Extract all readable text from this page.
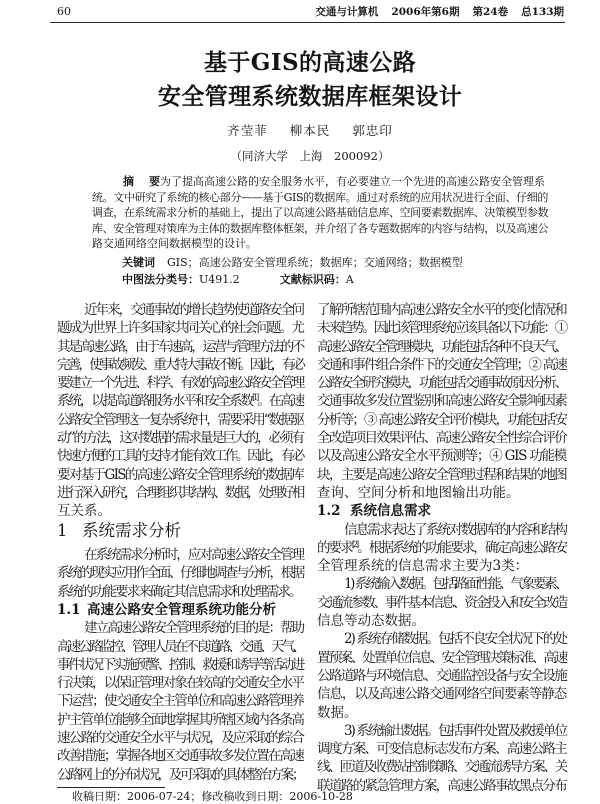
60	交通与计算机 2006年第6期 第24卷 总133期
基于GIS的高速公路
安全管理系统数据库框架设计
齐莹菲 柳本民 郭忠印
（同济大学　上海　200092）
摘　要
为了提高高速公路的安全服务水平，有必要建立一个先进的高速公路安全管理系
统。文中研究了系统的核心部分——基于GIS的数据库。通过对系统的应用状况进行全面、仔细的
调查，在系统需求分析的基础上，提出了以高速公路基础信息库、空间要素数据库、决策模型参数
库、安全管理对策库为主体的数据库整体框架，并介绍了各专题数据库的内容与结构，以及高速公
路交通网络空间数据模型的设计。
关键词 GIS；高速公路安全管理系统；数据库；交通网络；数据模型
中图法分类号：U491.2	文献标识码：A
近年来，交通事故的增长趋势使道路安全问
题成为世界上许多国家共同关心的社会问题。尤
其是高速公路，由于车速高，运营与管理方法的不
完善，使事故频发、重大特大事故不断。因此，有必
要建立一个先进、科学、有效的高速公路安全管理
系统，以提高道路服务水平和安全系数[1]。在高速
公路安全管理这一复杂系统中，需要采用“数据驱
动”的方法，这对数据的需求量是巨大的，必须有
快速方便的工具的支持才能有效工作。因此，有必
要对基于GIS的高速公路安全管理系统的数据库
进行深入研究，合理组织其结构、数据，处理好相
互关系。
1 系统需求分析
在系统需求分析时，应对高速公路安全管理
系统的现实应用作全面、仔细地调查与分析，根据
系统的功能要求来确定其信息需求和处理需求。
1.1 高速公路安全管理系统功能分析
建立高速公路安全管理系统的目的是：帮助
高速公路监控、管理人员在不良道路、交通、天气、
事件状况下实施预警、控制、救援和诱导等活动进
行决策，以保证管理对象在较高的交通安全水平
下运营；使交通安全主管单位和高速公路管理养
护主管单位能够全面地掌握其所辖区域内各条高
速公路的交通安全水平与状况，及应采取的综合
改善措施；掌握各地区交通事故多发位置在高速
公路网上的分布状况，及可采取的具体整治方案；
了解所辖范围内高速公路安全水平的变化情况和
未来趋势。因此该管理系统应该具备以下功能：①
高速公路安全管理模块，功能包括各种不良天气、
交通和事件组合条件下的交通安全管理；② 高速
公路安全研究模块，功能包括交通事故原因分析、
交通事故多发位置鉴别和高速公路安全影响因素
分析等；③ 高速公路安全评价模块，功能包括安
全改造项目效果评估、高速公路安全性综合评价
以及高速公路安全水平预测等；④ GIS 功能模
块，主要是高速公路安全管理过程和结果的地图
查询、空间分析和地图输出功能。
1.2 系统信息需求
信息需求表达了系统对数据库的内容和结构
的要求[2]。根据系统的功能要求，确定高速公路安
全管理系统的信息需求主要为3类：
1) 系统输入数据。包括路面性能、气象要素、
交通流参数、事件基本信息、资金投入和安全改造
信息等动态数据。
2) 系统存储数据。包括不良安全状况下的处
置预案、处置单位信息、安全管理决策标准、高速
公路道路与环境信息、交通监控设备与安全设施
信息，以及高速公路交通网络空间要素等静态
数据。
3) 系统输出数据。包括事件处置及救援单位
调度方案、可变信息标志发布方案、高速公路主
线、匝道及收费站控制策略、交通流诱导方案、关
联道路的紧急管理方案，高速公路事故黑点分布
收稿日期：2006-07-24；修改稿收到日期：2006-10-28
